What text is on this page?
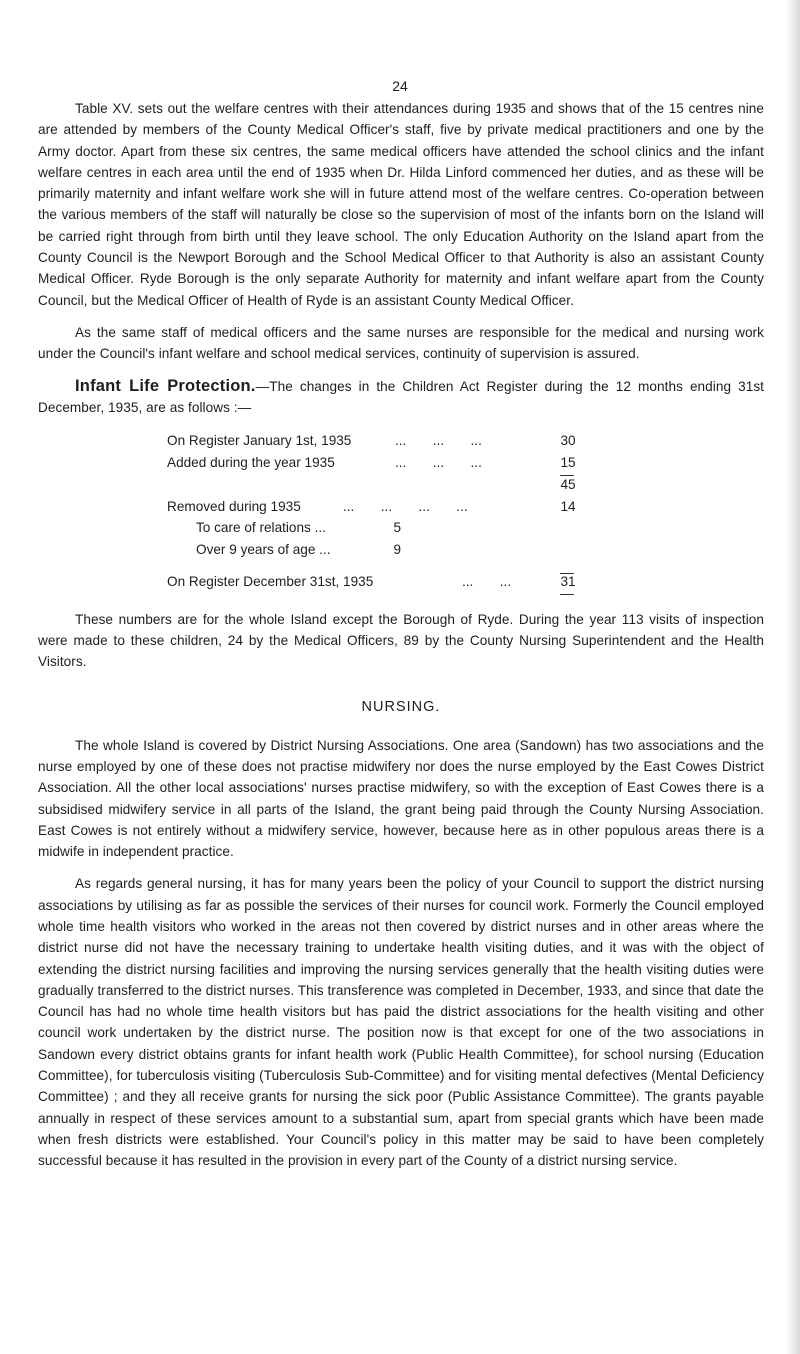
24

Table XV. sets out the welfare centres with their attendances during 1935 and shows that of the 15 centres nine are attended by members of the County Medical Officer's staff, five by private medical practitioners and one by the Army doctor. Apart from these six centres, the same medical officers have attended the school clinics and the infant welfare centres in each area until the end of 1935 when Dr. Hilda Linford commenced her duties, and as these will be primarily maternity and infant welfare work she will in future attend most of the welfare centres. Co-operation between the various members of the staff will naturally be close so the supervision of most of the infants born on the Island will be carried right through from birth until they leave school. The only Education Authority on the Island apart from the County Council is the Newport Borough and the School Medical Officer to that Authority is also an assistant County Medical Officer. Ryde Borough is the only separate Authority for maternity and infant welfare apart from the County Council, but the Medical Officer of Health of Ryde is an assistant County Medical Officer.

As the same staff of medical officers and the same nurses are responsible for the medical and nursing work under the Council's infant welfare and school medical services, continuity of supervision is assured.

Infant Life Protection.—The changes in the Children Act Register during the 12 months ending 31st December, 1935, are as follows :—

On Register January 1st, 1935	...       ...       ...	30
Added during the year 1935	...       ...       ...	15
45
Removed during 1935	...       ...       ...       ...	14
To care of relations ...	5
Over 9 years of age ...	9
On Register December 31st, 1935	...       ...	31

These numbers are for the whole Island except the Borough of Ryde. During the year 113 visits of inspection were made to these children, 24 by the Medical Officers, 89 by the County Nursing Superintendent and the Health Visitors.

NURSING.

The whole Island is covered by District Nursing Associations. One area (Sandown) has two associations and the nurse employed by one of these does not practise midwifery nor does the nurse employed by the East Cowes District Association. All the other local associations' nurses practise midwifery, so with the exception of East Cowes there is a subsidised midwifery service in all parts of the Island, the grant being paid through the County Nursing Association. East Cowes is not entirely without a midwifery service, however, because here as in other populous areas there is a midwife in independent practice.

As regards general nursing, it has for many years been the policy of your Council to support the district nursing associations by utilising as far as possible the services of their nurses for council work. Formerly the Council employed whole time health visitors who worked in the areas not then covered by district nurses and in other areas where the district nurse did not have the necessary training to undertake health visiting duties, and it was with the object of extending the district nursing facilities and improving the nursing services generally that the health visiting duties were gradually transferred to the district nurses. This transference was completed in December, 1933, and since that date the Council has had no whole time health visitors but has paid the district associations for the health visiting and other council work undertaken by the district nurse. The position now is that except for one of the two associations in Sandown every district obtains grants for infant health work (Public Health Committee), for school nursing (Education Committee), for tuberculosis visiting (Tuberculosis Sub-Committee) and for visiting mental defectives (Mental Deficiency Committee) ; and they all receive grants for nursing the sick poor (Public Assistance Committee). The grants payable annually in respect of these services amount to a substantial sum, apart from special grants which have been made when fresh districts were established. Your Council's policy in this matter may be said to have been completely successful because it has resulted in the provision in every part of the County of a district nursing service.
